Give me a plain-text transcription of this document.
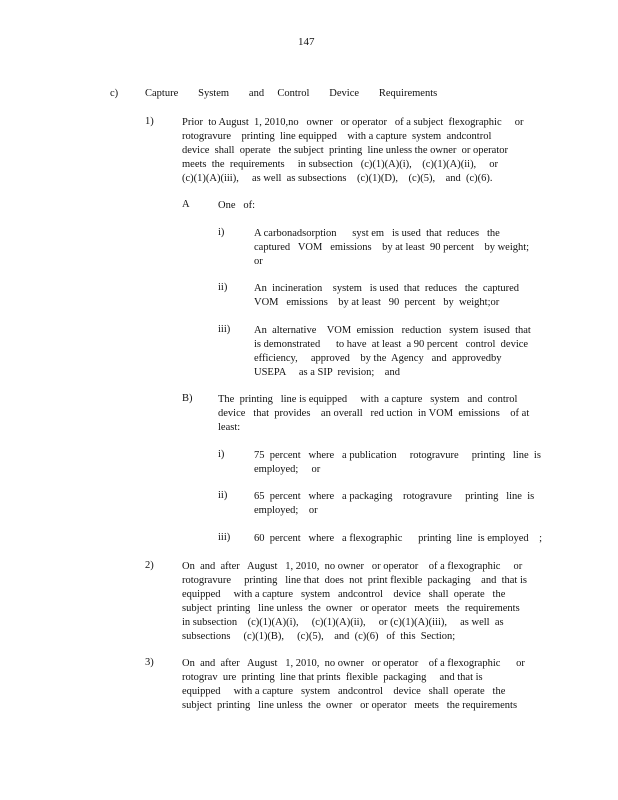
147
c)	Capture   System   and  Control   Device   Requirements
1)	Prior  to August  1, 2010,no   owner   or operator   of a subject  flexographic     or
rotogravure    printing  line equipped    with a capture  system  andcontrol
device  shall  operate   the subject  printing  line unless the owner  or operator
meets  the  requirements     in subsection   (c)(1)(A)(i),    (c)(1)(A)(ii),     or
(c)(1)(A)(iii),     as well  as subsections    (c)(1)(D),    (c)(5),    and  (c)(6).
A	One   of:
i)	A carbonadsorption      syst em   is used  that  reduces   the
captured   VOM   emissions    by at least  90 percent    by weight;
or
ii)	An  incineration    system   is used  that  reduces   the  captured
VOM   emissions    by at least   90  percent   by  weight;or
iii) An  alternative    VOM  emission   reduction   system  isused  that
is demonstrated      to have  at least  a 90 percent   control  device
efficiency,     approved    by the  Agency   and  approvedby
USEPA     as a SIP  revision;    and
B) The  printing   line is equipped     with  a capture   system   and  control
device   that  provides    an overall   red uction  in VOM  emissions    of at
least:
i)	75  percent   where   a publication     rotogravure     printing   line  is
employed;     or
ii)	65  percent   where   a packaging    rotogravure     printing   line  is
employed;    or
iii) 60  percent   where   a flexographic      printing  line  is employed    ;
2)	On  and  after   August   1, 2010,  no owner   or operator    of a flexographic     or
rotogravure     printing   line that  does  not  print flexible  packaging    and  that is
equipped     with a capture   system   andcontrol    device   shall  operate   the
subject  printing   line unless  the  owner   or operator   meets   the  requirements
in subsection    (c)(1)(A)(i),     (c)(1)(A)(ii),     or (c)(1)(A)(iii),     as well  as
subsections     (c)(1)(B),     (c)(5),    and  (c)(6)   of  this  Section;
3)	On  and  after   August   1, 2010,  no owner   or operator    of a flexographic      or
rotograv  ure  printing  line that prints  flexible  packaging     and that is
equipped     with a capture   system   andcontrol    device   shall  operate   the
subject  printing   line unless  the  owner   or operator   meets   the requirements
